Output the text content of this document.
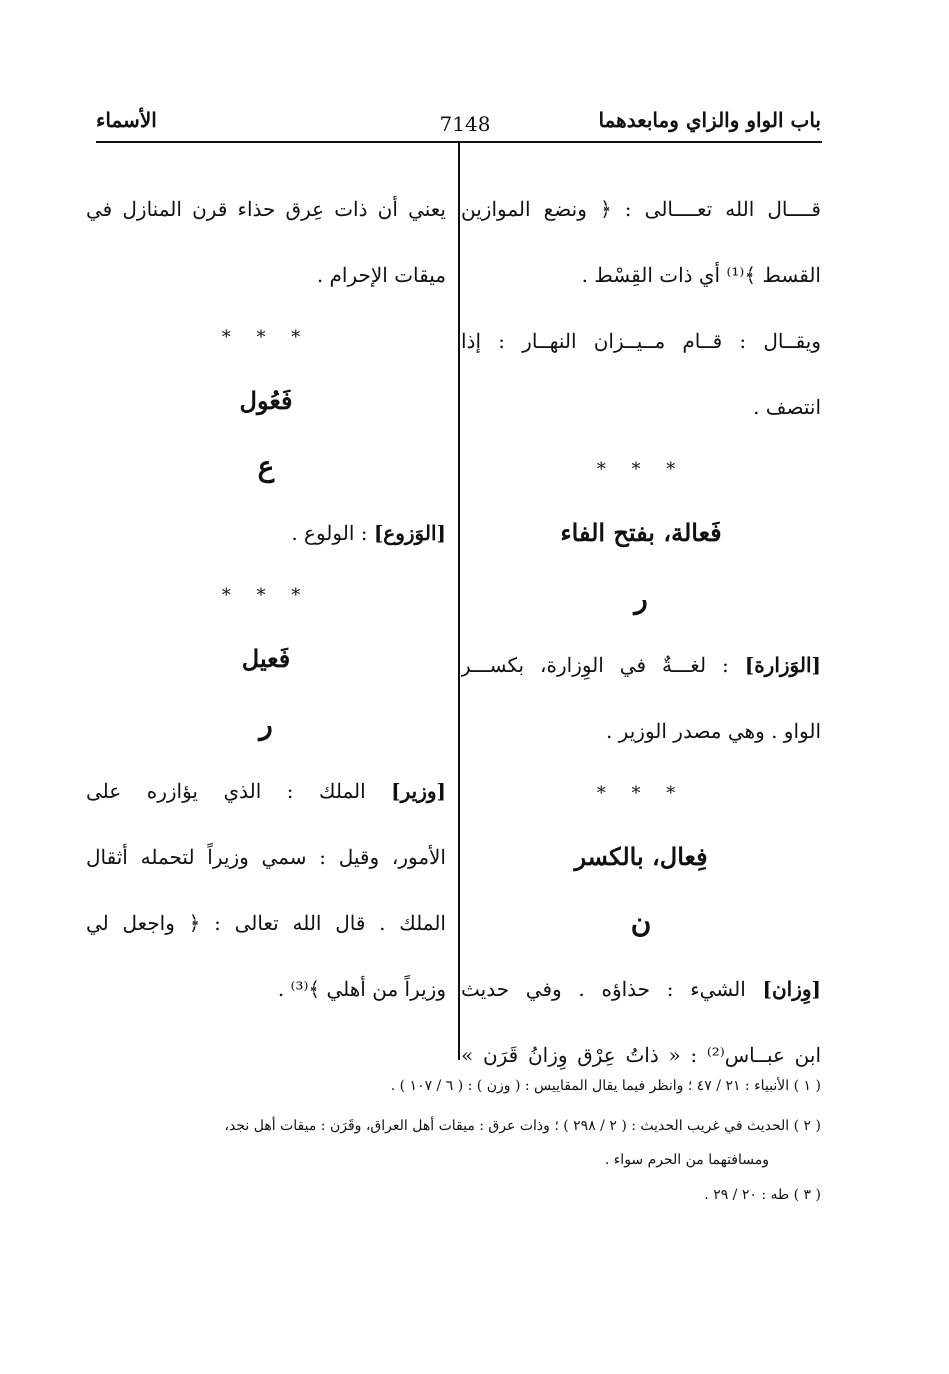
باب الواو والزاي ومابعدهما
7148
الأسماء
قــــال الله تعــــالى : ﴿ ونضع الموازين
القسط ﴾⁽¹⁾ أي ذات القِسْط .
ويقــال : قــام مــيــزان النهــار : إذا
انتصف .
* * *
فَعالة، بفتح الفاء
ر
[الوَزارة] : لغـــةٌ في الوِزارة، بكســـر
الواو . وهي مصدر الوزير .
* * *
فِعال، بالكسر
ن
[وِزان] الشيء : حذاؤه . وفي حديث
ابن عبــاس⁽²⁾ : « ذاتُ عِرْق وِزانُ قَرَن »
يعني أن ذات عِرق حذاء قرن المنازل في
ميقات الإحرام .
* * *
فَعُول
ع
[الوَزوع] : الولوع .
* * *
فَعيل
ر
[وزير] الملك : الذي يؤازره على
الأمور، وقيل : سمي وزيراً لتحمله أثقال
الملك . قال الله تعالى : ﴿ واجعل لي
وزيراً من أهلي ﴾⁽³⁾ .
( ١ ) الأنبياء : ٢١ / ٤٧ ؛ وانظر فيما يقال المقاييس : ( وزن ) : ( ٦ / ١٠٧ ) .
( ٢ ) الحديث في غريب الحديث : ( ٢ / ٢٩٨ ) ؛ وذات عرق : ميقات أهل العراق، وقَرَن : ميقات أهل نجد،
ومسافتهما من الحرم سواء .
( ٣ ) طه : ٢٠ / ٢٩ .
